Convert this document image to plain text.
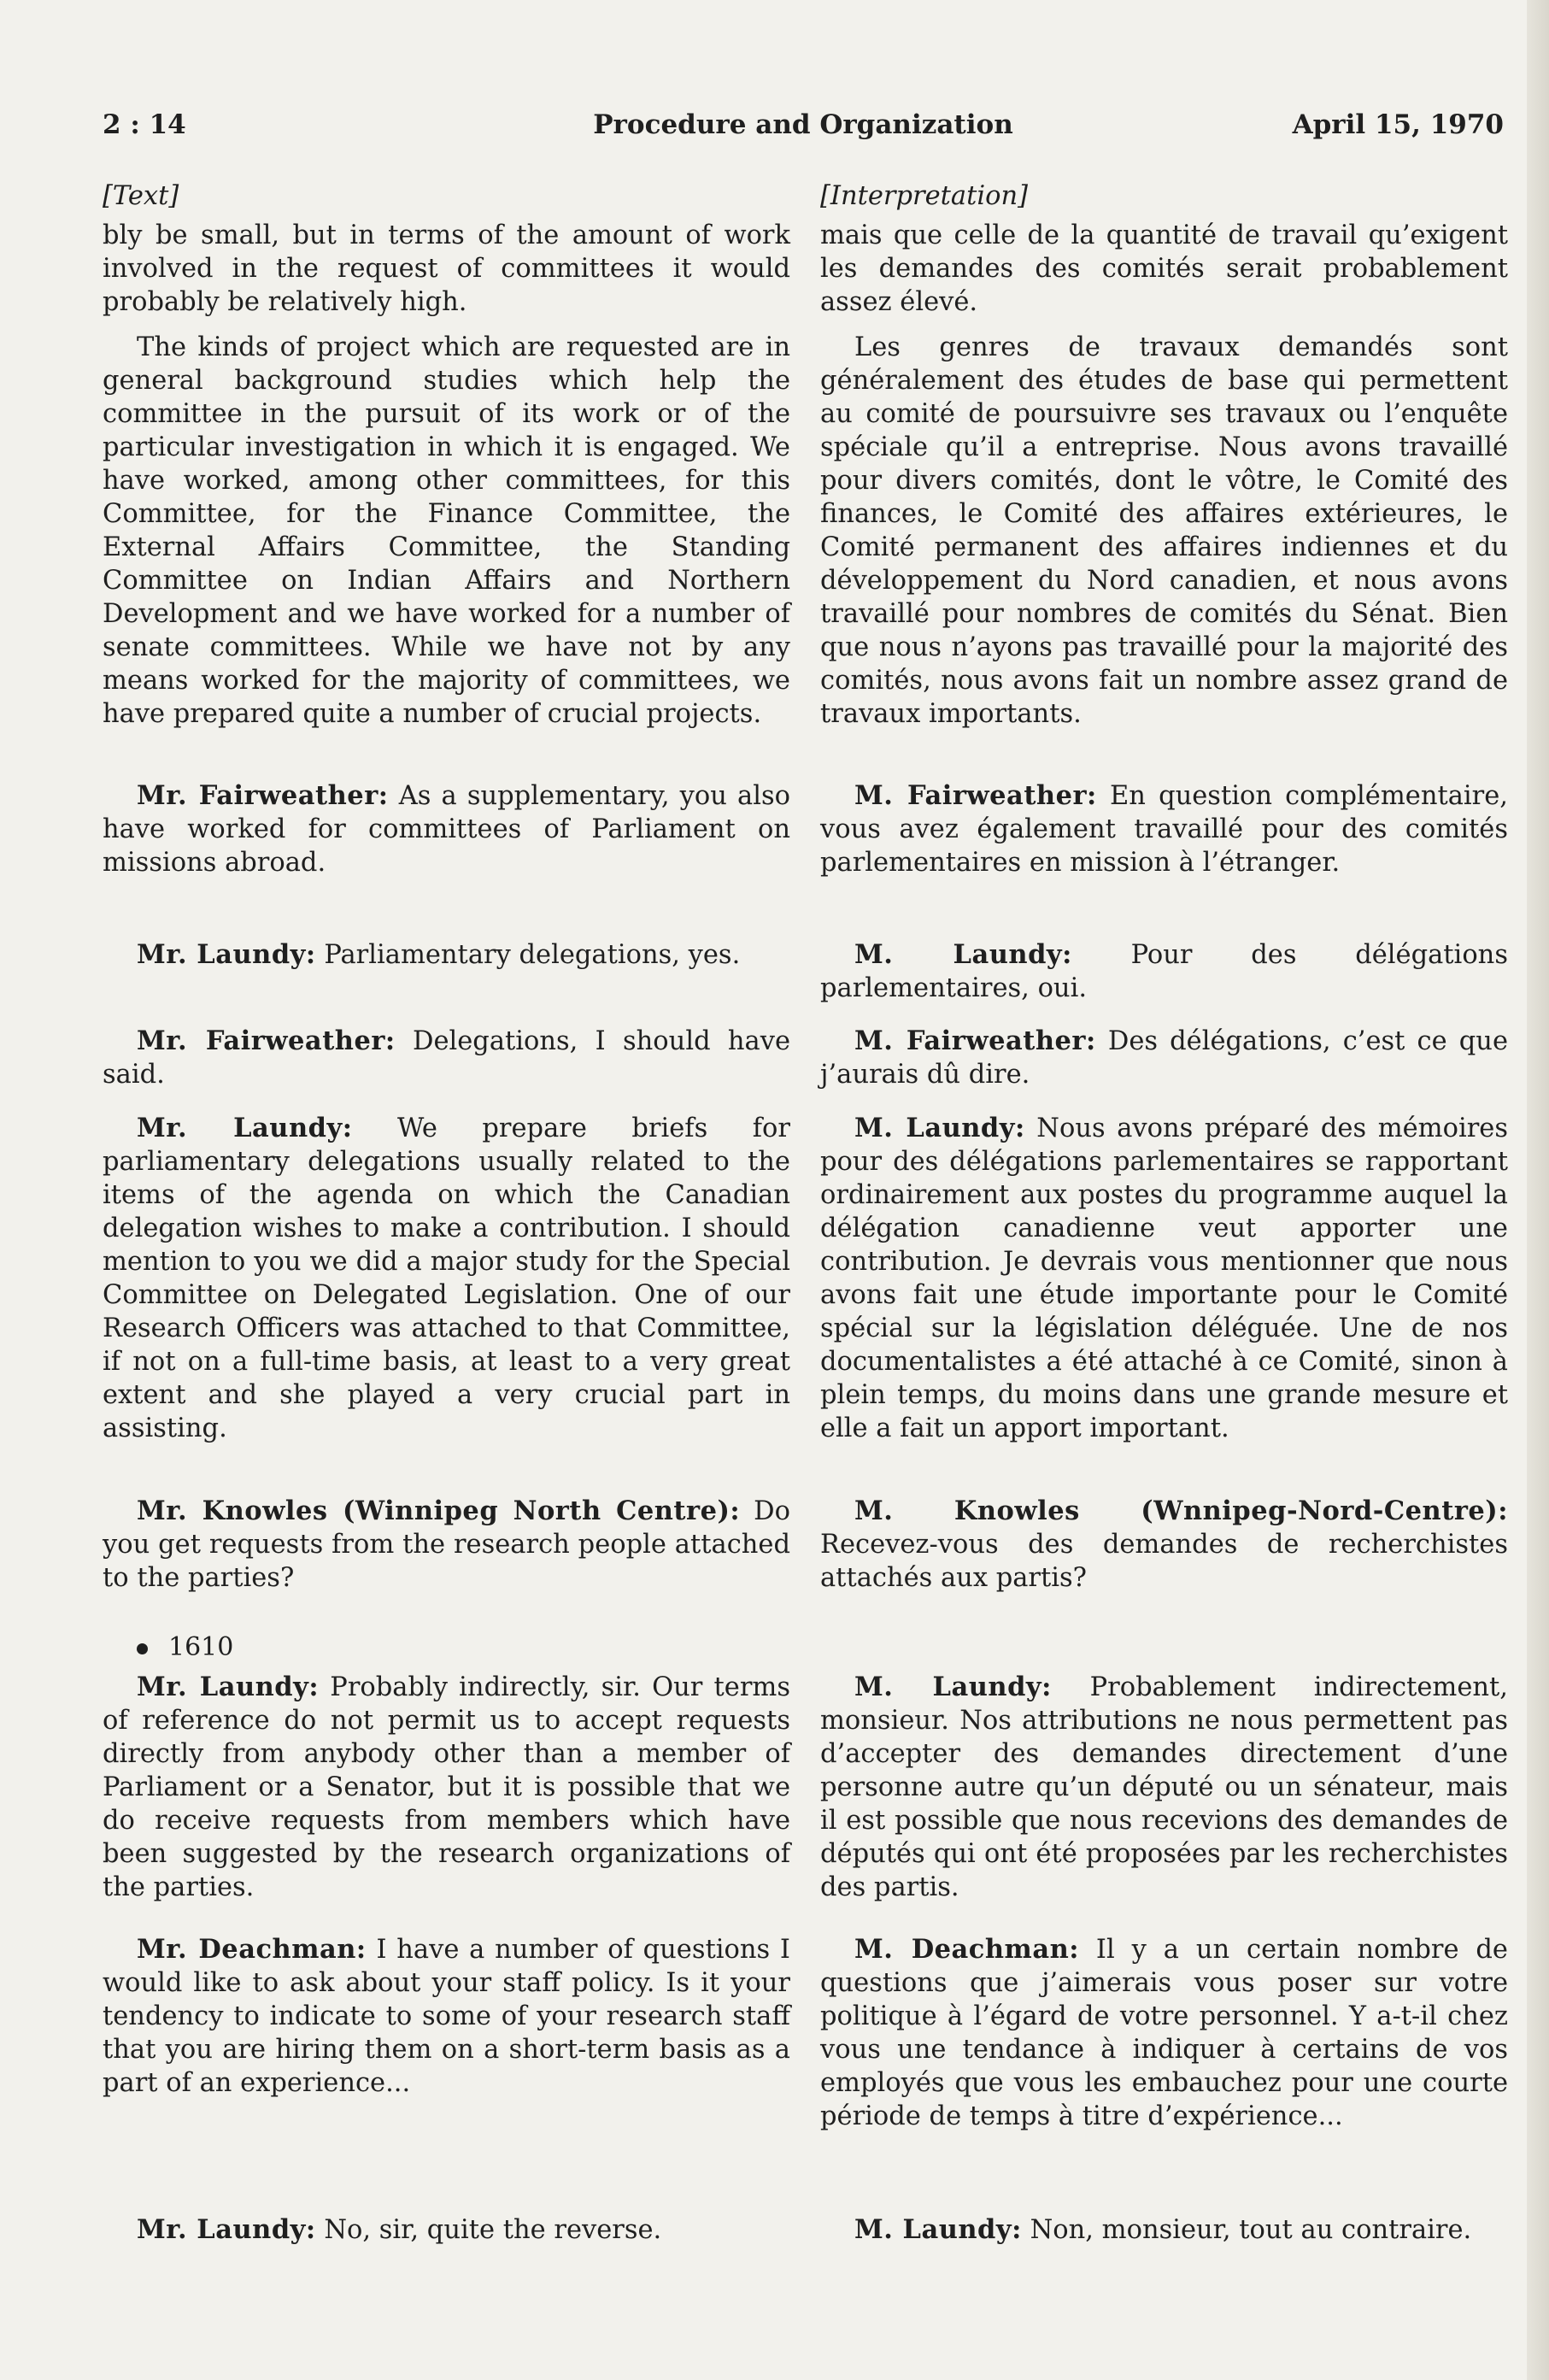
2 : 14	Procedure and Organization	April 15, 1970
[Text]

bly be small, but in terms of the amount of work involved in the request of committees it would probably be relatively high.

The kinds of project which are requested are in general background studies which help the committee in the pursuit of its work or of the particular investigation in which it is engaged. We have worked, among other committees, for this Committee, for the Finance Committee, the External Affairs Committee, the Standing Committee on Indian Affairs and Northern Development and we have worked for a number of senate committees. While we have not by any means worked for the majority of committees, we have prepared quite a number of crucial projects.

Mr. Fairweather: As a supplementary, you also have worked for committees of Parliament on missions abroad.

Mr. Laundy: Parliamentary delegations, yes.

Mr. Fairweather: Delegations, I should have said.

Mr. Laundy: We prepare briefs for parliamentary delegations usually related to the items of the agenda on which the Canadian delegation wishes to make a contribution. I should mention to you we did a major study for the Special Committee on Delegated Legislation. One of our Research Officers was attached to that Committee, if not on a full-time basis, at least to a very great extent and she played a very crucial part in assisting.

Mr. Knowles (Winnipeg North Centre): Do you get requests from the research people attached to the parties?

1610

Mr. Laundy: Probably indirectly, sir. Our terms of reference do not permit us to accept requests directly from anybody other than a member of Parliament or a Senator, but it is possible that we do receive requests from members which have been suggested by the research organizations of the parties.

Mr. Deachman: I have a number of questions I would like to ask about your staff policy. Is it your tendency to indicate to some of your research staff that you are hiring them on a short-term basis as a part of an experience...

Mr. Laundy: No, sir, quite the reverse.

[Interpretation]

mais que celle de la quantité de travail qu’exigent les demandes des comités serait probablement assez élevé.

Les genres de travaux demandés sont généralement des études de base qui permettent au comité de poursuivre ses travaux ou l’enquête spéciale qu’il a entreprise. Nous avons travaillé pour divers comités, dont le vôtre, le Comité des finances, le Comité des affaires extérieures, le Comité permanent des affaires indiennes et du développement du Nord canadien, et nous avons travaillé pour nombres de comités du Sénat. Bien que nous n’ayons pas travaillé pour la majorité des comités, nous avons fait un nombre assez grand de travaux importants.

M. Fairweather: En question complémentaire, vous avez également travaillé pour des comités parlementaires en mission à l’étranger.

M. Laundy: Pour des délégations parlementaires, oui.

M. Fairweather: Des délégations, c’est ce que j’aurais dû dire.

M. Laundy: Nous avons préparé des mémoires pour des délégations parlementaires se rapportant ordinairement aux postes du programme auquel la délégation canadienne veut apporter une contribution. Je devrais vous mentionner que nous avons fait une étude importante pour le Comité spécial sur la législation déléguée. Une de nos documentalistes a été attaché à ce Comité, sinon à plein temps, du moins dans une grande mesure et elle a fait un apport important.

M. Knowles (Wnnipeg-Nord-Centre): Recevez-vous des demandes de recherchistes attachés aux partis?

M. Laundy: Probablement indirectement, monsieur. Nos attributions ne nous permettent pas d’accepter des demandes directement d’une personne autre qu’un député ou un sénateur, mais il est possible que nous recevions des demandes de députés qui ont été proposées par les recherchistes des partis.

M. Deachman: Il y a un certain nombre de questions que j’aimerais vous poser sur votre politique à l’égard de votre personnel. Y a-t-il chez vous une tendance à indiquer à certains de vos employés que vous les embauchez pour une courte période de temps à titre d’expérience...

M. Laundy: Non, monsieur, tout au contraire.
